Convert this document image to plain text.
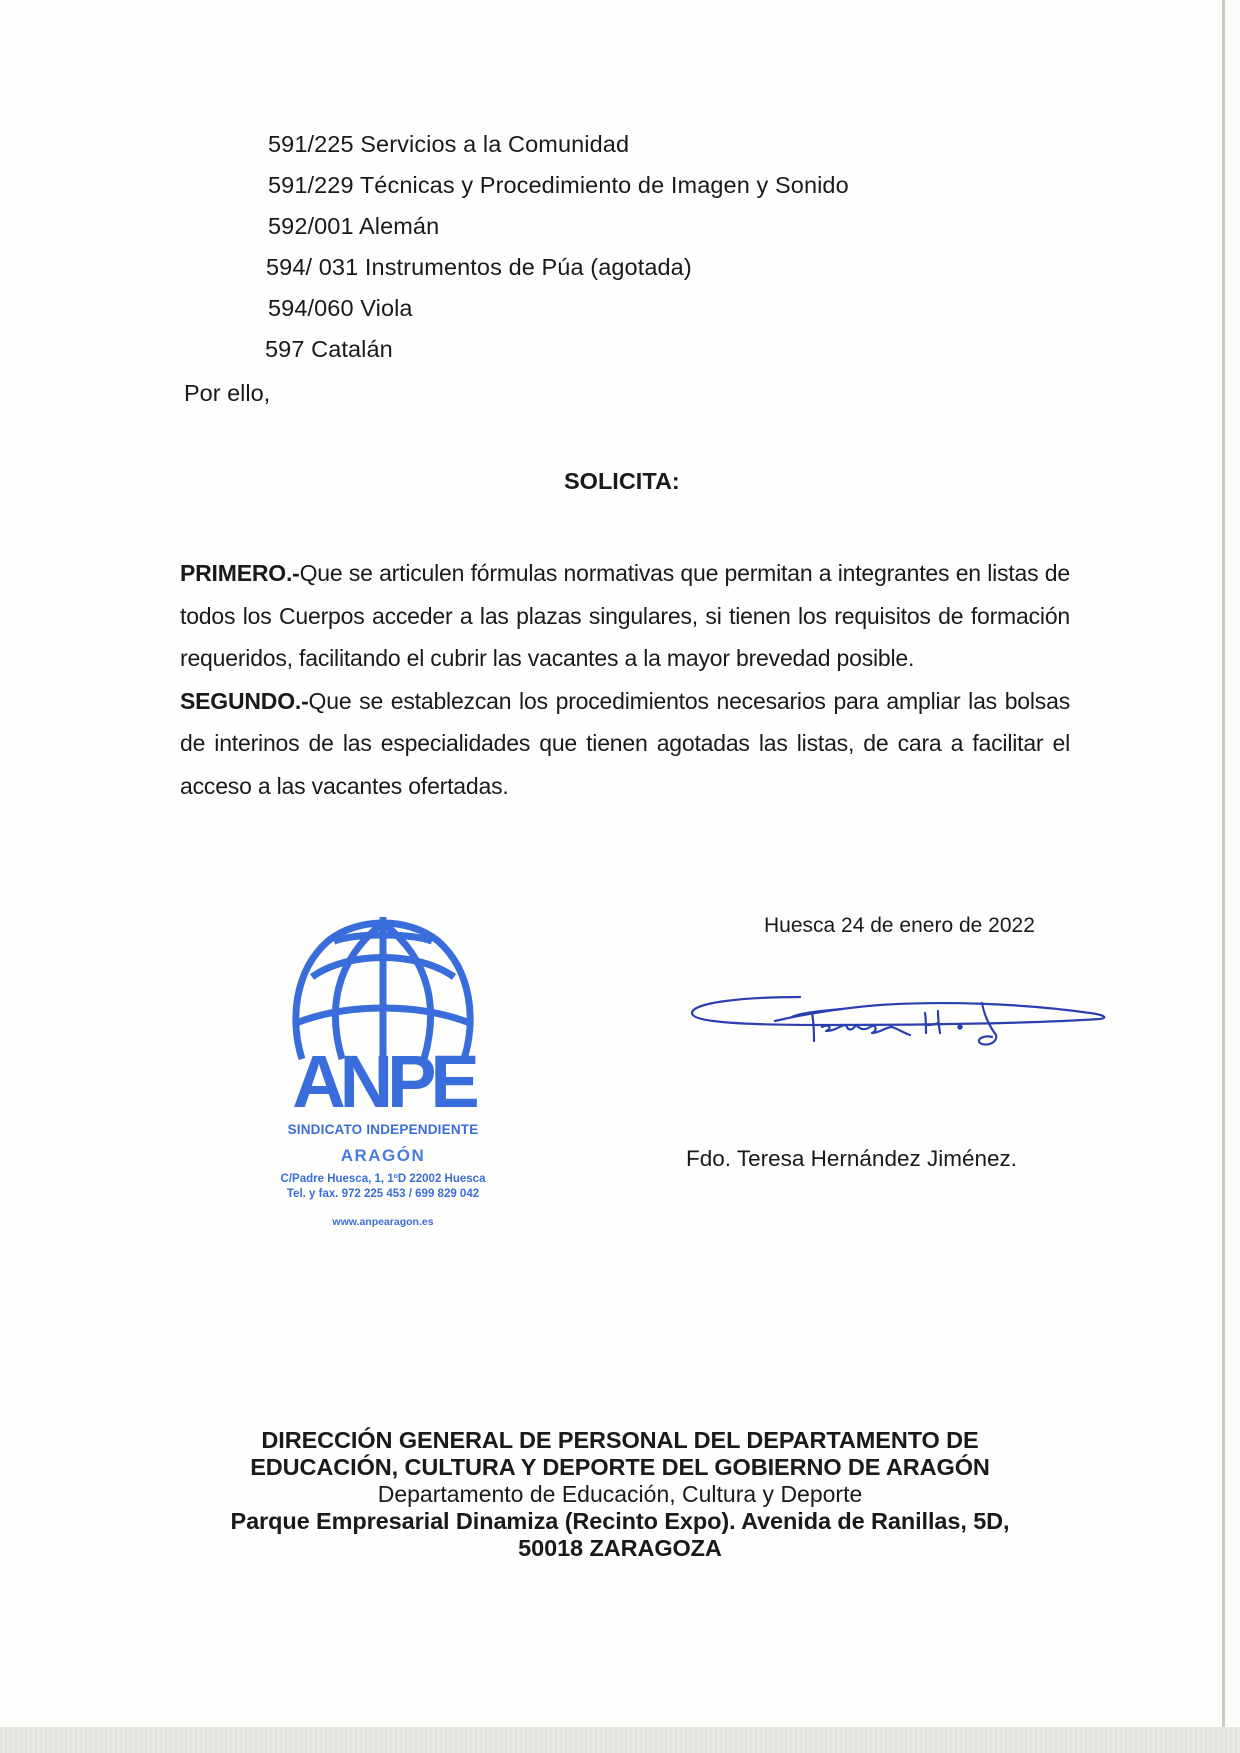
591/225 Servicios a la Comunidad
591/229 Técnicas y Procedimiento de Imagen y Sonido
592/001 Alemán
594/ 031 Instrumentos de Púa (agotada)
594/060 Viola
597 Catalán
Por ello,
SOLICITA:

PRIMERO.-Que se articulen fórmulas normativas que permitan a integrantes en listas de todos los Cuerpos acceder a las plazas singulares, si tienen los requisitos de formación requeridos, facilitando el cubrir las vacantes a la mayor brevedad posible.

SEGUNDO.-Que se establezcan los procedimientos necesarios para ampliar las bolsas de interinos de las especialidades que tienen agotadas las listas, de cara a facilitar el acceso a las vacantes ofertadas.

Huesca 24 de enero de 2022
Fdo. Teresa Hernández Jiménez.
ANPE
SINDICATO INDEPENDIENTE
ARAGÓN
C/Padre Huesca, 1, 1ºD 22002 Huesca
Tel. y fax. 972 225 453 / 699 829 042
www.anpearagon.es
DIRECCIÓN GENERAL DE PERSONAL DEL DEPARTAMENTO DE
EDUCACIÓN, CULTURA Y DEPORTE DEL GOBIERNO DE ARAGÓN
Departamento de Educación, Cultura y Deporte
Parque Empresarial Dinamiza (Recinto Expo). Avenida de Ranillas, 5D,
50018 ZARAGOZA
